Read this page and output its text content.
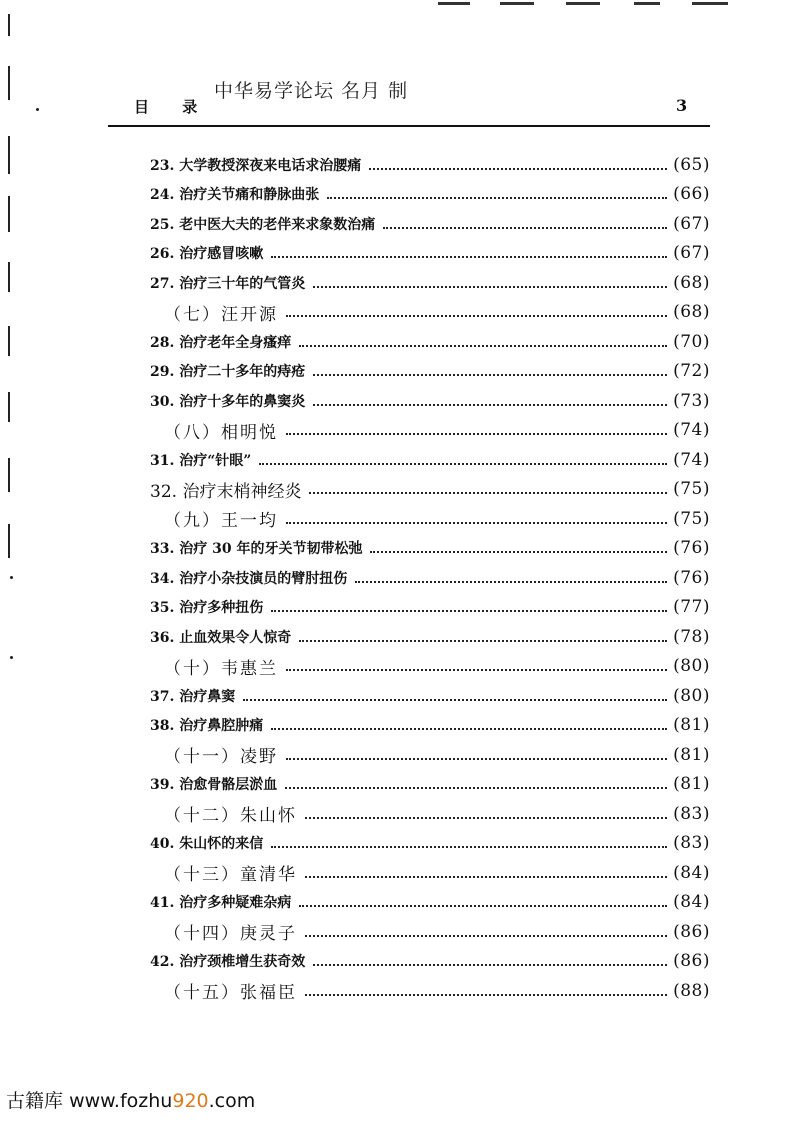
中华易学论坛 名月 制
目 录	3
23. 大学教授深夜来电话求治腰痛	(65)
24. 治疗关节痛和静脉曲张	(66)
25. 老中医大夫的老伴来求象数治痛	(67)
26. 治疗感冒咳嗽	(67)
27. 治疗三十年的气管炎	(68)
（七）汪开源	(68)
28. 治疗老年全身瘙痒	(70)
29. 治疗二十多年的痔疮	(72)
30. 治疗十多年的鼻窦炎	(73)
（八）相明悦	(74)
31. 治疗“针眼”	(74)
32. 治疗末梢神经炎	(75)
（九）王一均	(75)
33. 治疗 30 年的牙关节韧带松弛	(76)
34. 治疗小杂技演员的臂肘扭伤	(76)
35. 治疗多种扭伤	(77)
36. 止血效果令人惊奇	(78)
（十）韦惠兰	(80)
37. 治疗鼻窦	(80)
38. 治疗鼻腔肿痛	(81)
（十一）凌野	(81)
39. 治愈骨骼层淤血	(81)
（十二）朱山怀	(83)
40. 朱山怀的来信	(83)
（十三）童清华	(84)
41. 治疗多种疑难杂病	(84)
（十四）庚灵子	(86)
42. 治疗颈椎增生获奇效	(86)
（十五）张福臣	(88)
古籍库 www.fozhu920.com
